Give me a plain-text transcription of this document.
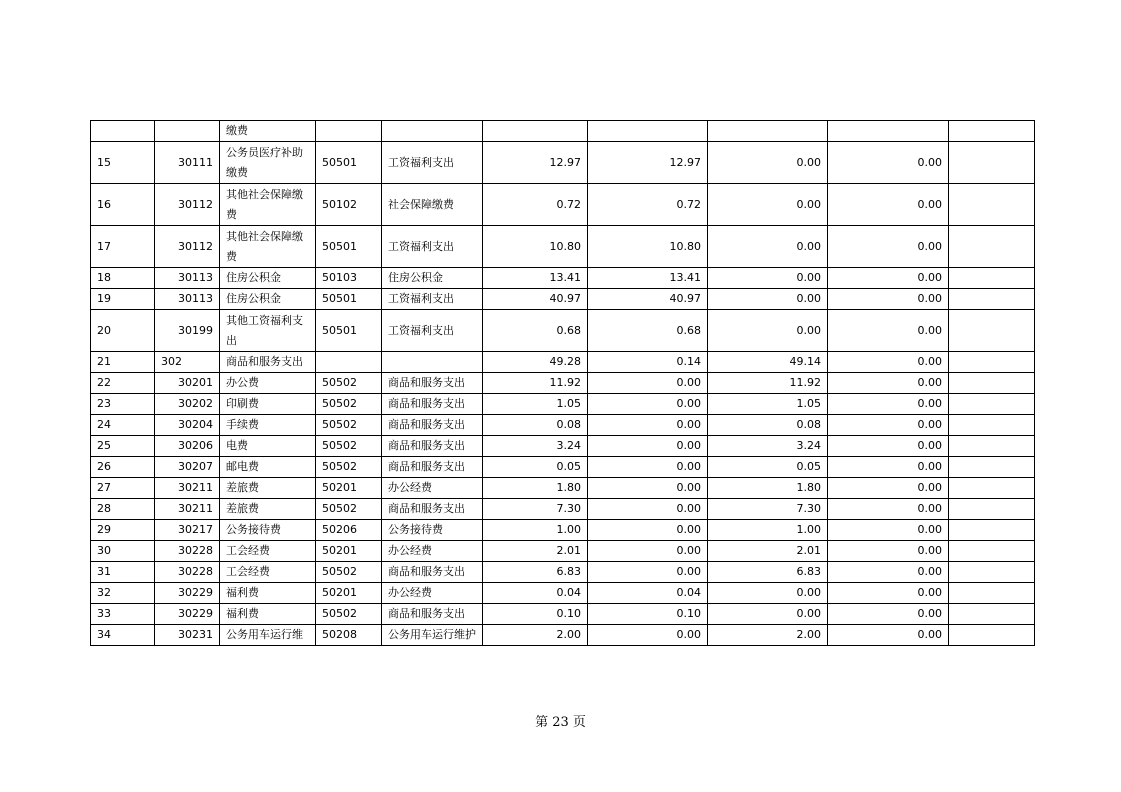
		缴费							
15	30111	公务员医疗补助缴费	50501	工资福利支出	12.97	12.97	0.00	0.00	
16	30112	其他社会保障缴费	50102	社会保障缴费	0.72	0.72	0.00	0.00	
17	30112	其他社会保障缴费	50501	工资福利支出	10.80	10.80	0.00	0.00	
18	30113	住房公积金	50103	住房公积金	13.41	13.41	0.00	0.00	
19	30113	住房公积金	50501	工资福利支出	40.97	40.97	0.00	0.00	
20	30199	其他工资福利支出	50501	工资福利支出	0.68	0.68	0.00	0.00	
21	302	商品和服务支出			49.28	0.14	49.14	0.00	
22	30201	办公费	50502	商品和服务支出	11.92	0.00	11.92	0.00	
23	30202	印刷费	50502	商品和服务支出	1.05	0.00	1.05	0.00	
24	30204	手续费	50502	商品和服务支出	0.08	0.00	0.08	0.00	
25	30206	电费	50502	商品和服务支出	3.24	0.00	3.24	0.00	
26	30207	邮电费	50502	商品和服务支出	0.05	0.00	0.05	0.00	
27	30211	差旅费	50201	办公经费	1.80	0.00	1.80	0.00	
28	30211	差旅费	50502	商品和服务支出	7.30	0.00	7.30	0.00	
29	30217	公务接待费	50206	公务接待费	1.00	0.00	1.00	0.00	
30	30228	工会经费	50201	办公经费	2.01	0.00	2.01	0.00	
31	30228	工会经费	50502	商品和服务支出	6.83	0.00	6.83	0.00	
32	30229	福利费	50201	办公经费	0.04	0.04	0.00	0.00	
33	30229	福利费	50502	商品和服务支出	0.10	0.10	0.00	0.00	
34	30231	公务用车运行维	50208	公务用车运行维护	2.00	0.00	2.00	0.00	
第 23 页
